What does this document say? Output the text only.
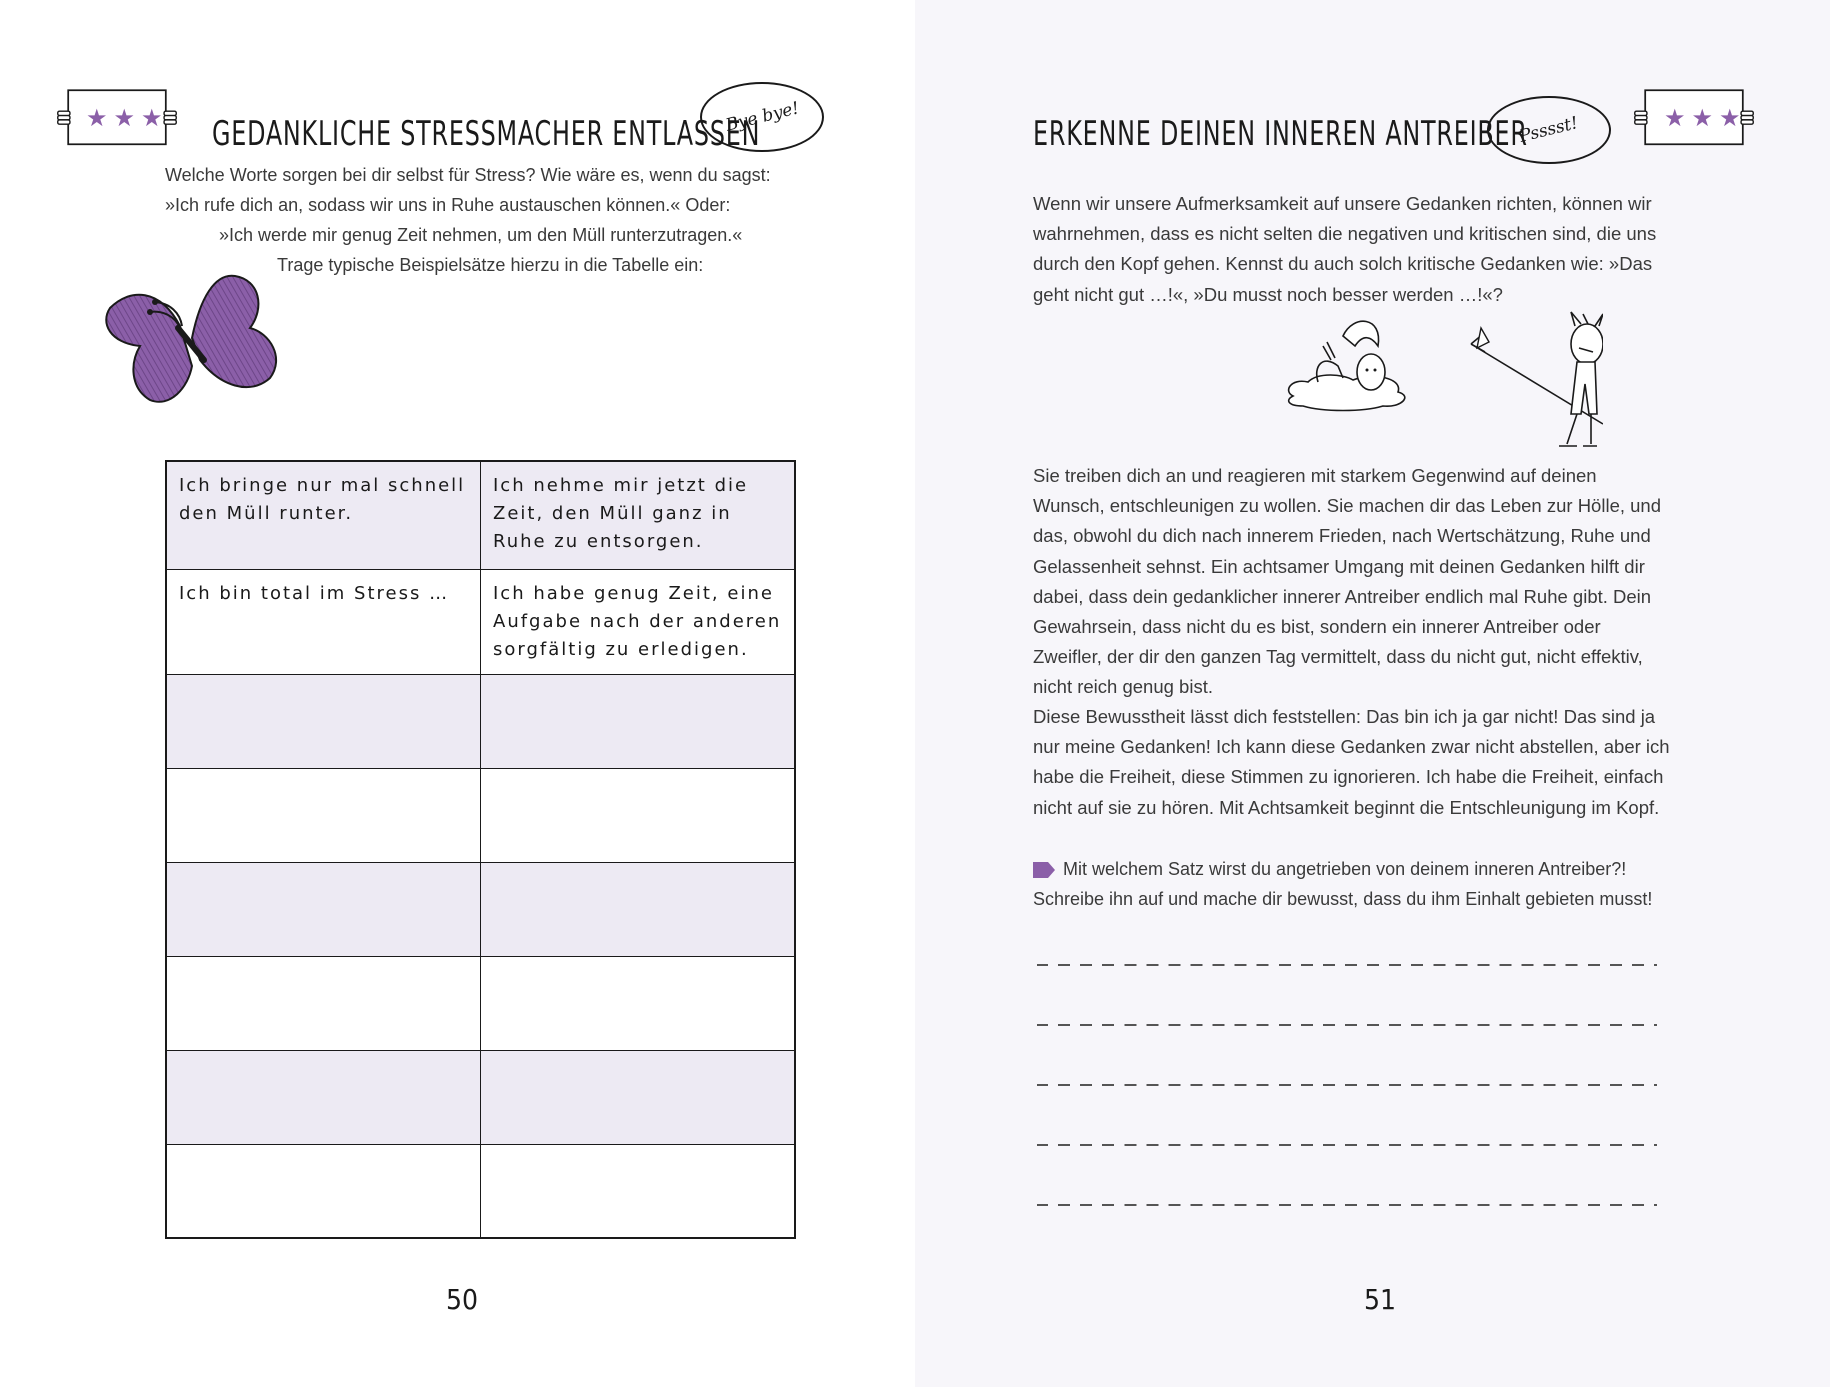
★★★ GEDANKLICHE STRESSMACHER ENTLASSEN
Bye bye!
Welche Worte sorgen bei dir selbst für Stress? Wie wäre es, wenn du sagst:
»Ich rufe dich an, sodass wir uns in Ruhe austauschen können.« Oder:
»Ich werde mir genug Zeit nehmen, um den Müll runterzutragen.«
Trage typische Beispielsätze hierzu in die Tabelle ein:
Ich bringe nur mal schnell den Müll runter.	Ich nehme mir jetzt die Zeit, den Müll ganz in Ruhe zu entsorgen.
Ich bin total im Stress …	Ich habe genug Zeit, eine Aufgabe nach der anderen sorgfältig zu erledigen.

50
ERKENNE DEINEN INNEREN ANTREIBER
Psssst!	★★★

Wenn wir unsere Aufmerksamkeit auf unsere Gedanken richten, können wir wahrnehmen, dass es nicht selten die negativen und kritischen sind, die uns durch den Kopf gehen. Kennst du auch solch kritische Gedanken wie: »Das geht nicht gut …!«, »Du musst noch besser werden …!«?

Sie treiben dich an und reagieren mit starkem Gegenwind auf deinen Wunsch, entschleunigen zu wollen. Sie machen dir das Leben zur Hölle, und das, obwohl du dich nach innerem Frieden, nach Wertschätzung, Ruhe und Gelassenheit sehnst. Ein achtsamer Umgang mit deinen Gedanken hilft dir dabei, dass dein gedanklicher innerer Antreiber endlich mal Ruhe gibt. Dein Gewahrsein, dass nicht du es bist, sondern ein innerer Antreiber oder Zweifler, der dir den ganzen Tag vermittelt, dass du nicht gut, nicht effektiv, nicht reich genug bist.

Diese Bewusstheit lässt dich feststellen: Das bin ich ja gar nicht! Das sind ja nur meine Gedanken! Ich kann diese Gedanken zwar nicht abstellen, aber ich habe die Freiheit, diese Stimmen zu ignorieren. Ich habe die Freiheit, einfach nicht auf sie zu hören. Mit Achtsamkeit beginnt die Entschleunigung im Kopf.

Mit welchem Satz wirst du angetrieben von deinem inneren Antreiber?! Schreibe ihn auf und mache dir bewusst, dass du ihm Einhalt gebieten musst!
51
